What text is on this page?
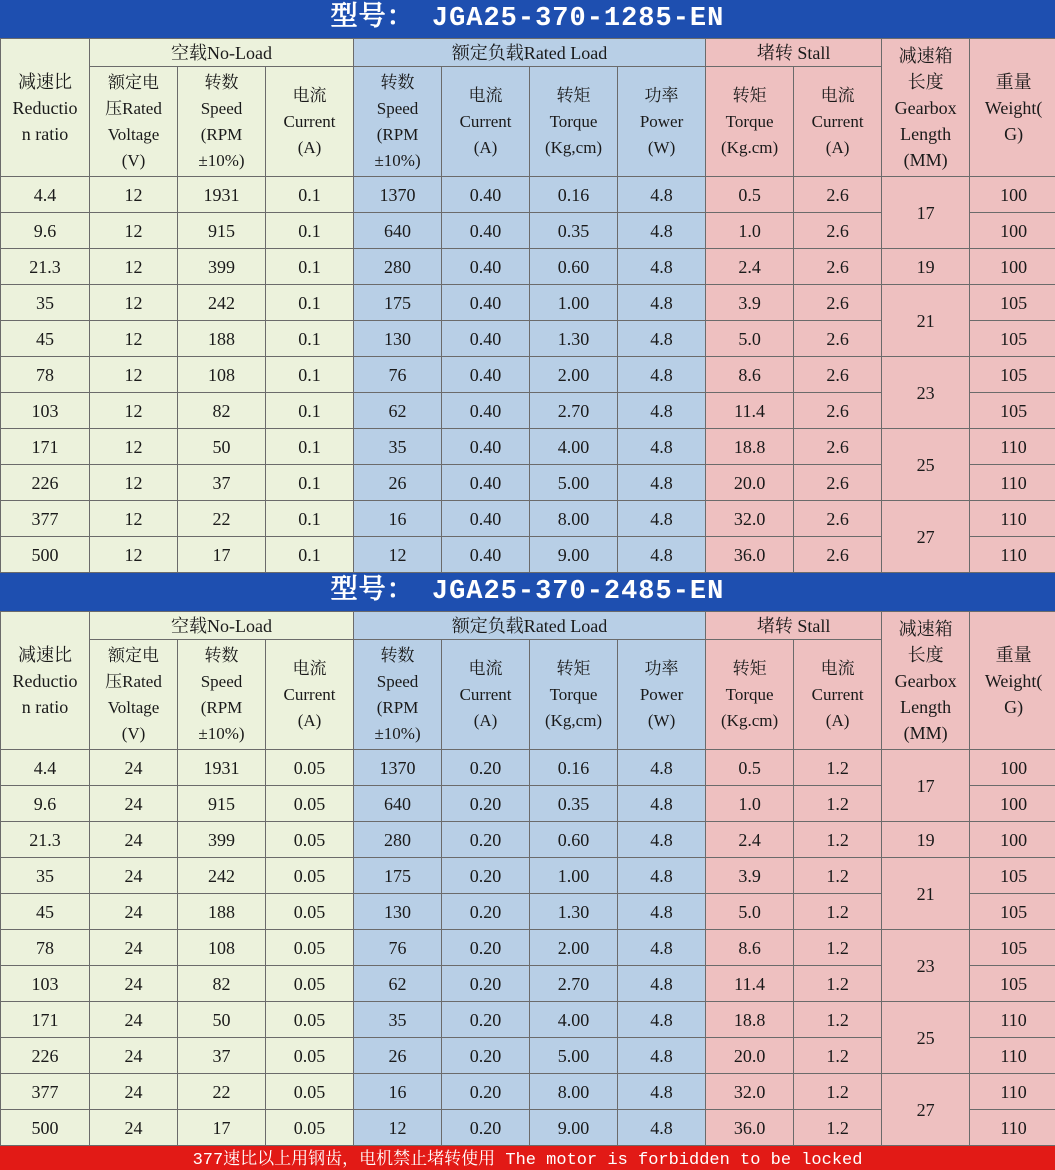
型号： JGA25-370-1285-EN
减速比
Reductio
n ratio	空载No-Load			额定负载Rated Load				堵转 Stall		减速箱
长度
Gearbox
Length
(MM)	重量
Weight(
G)

	额定电
压Rated
Voltage
(V)	转数
Speed
(RPM
±10%)	电流
Current
(A)	转数
Speed
(RPM
±10%)	电流
Current
(A)	转矩
Torque
(Kg,cm)	功率
Power
(W)	转矩
Torque
(Kg.cm)	电流
Current
(A)		

4.4	12	1931	0.1	1370	0.40	0.16	4.8	0.5	2.6	17	100
9.6	12	915	0.1	640	0.40	0.35	4.8	1.0	2.6		100
21.3	12	399	0.1	280	0.40	0.60	4.8	2.4	2.6	19	100
35	12	242	0.1	175	0.40	1.00	4.8	3.9	2.6	21	105
45	12	188	0.1	130	0.40	1.30	4.8	5.0	2.6		105
78	12	108	0.1	76	0.40	2.00	4.8	8.6	2.6	23	105
103	12	82	0.1	62	0.40	2.70	4.8	11.4	2.6		105
171	12	50	0.1	35	0.40	4.00	4.8	18.8	2.6	25	110
226	12	37	0.1	26	0.40	5.00	4.8	20.0	2.6		110
377	12	22	0.1	16	0.40	8.00	4.8	32.0	2.6	27	110
500	12	17	0.1	12	0.40	9.00	4.8	36.0	2.6		110
型号： JGA25-370-2485-EN
减速比
Reductio
n ratio	空载No-Load			额定负载Rated Load				堵转 Stall		减速箱
长度
Gearbox
Length
(MM)	重量
Weight(
G)

	额定电
压Rated
Voltage
(V)	转数
Speed
(RPM
±10%)	电流
Current
(A)	转数
Speed
(RPM
±10%)	电流
Current
(A)	转矩
Torque
(Kg,cm)	功率
Power
(W)	转矩
Torque
(Kg.cm)	电流
Current
(A)		

4.4	24	1931	0.05	1370	0.20	0.16	4.8	0.5	1.2	17	100
9.6	24	915	0.05	640	0.20	0.35	4.8	1.0	1.2		100
21.3	24	399	0.05	280	0.20	0.60	4.8	2.4	1.2	19	100
35	24	242	0.05	175	0.20	1.00	4.8	3.9	1.2	21	105
45	24	188	0.05	130	0.20	1.30	4.8	5.0	1.2		105
78	24	108	0.05	76	0.20	2.00	4.8	8.6	1.2	23	105
103	24	82	0.05	62	0.20	2.70	4.8	11.4	1.2		105
171	24	50	0.05	35	0.20	4.00	4.8	18.8	1.2	25	110
226	24	37	0.05	26	0.20	5.00	4.8	20.0	1.2		110
377	24	22	0.05	16	0.20	8.00	4.8	32.0	1.2	27	110
500	24	17	0.05	12	0.20	9.00	4.8	36.0	1.2		110
377速比以上用钢齿，电机禁止堵转使用 The motor is forbidden to be locked
